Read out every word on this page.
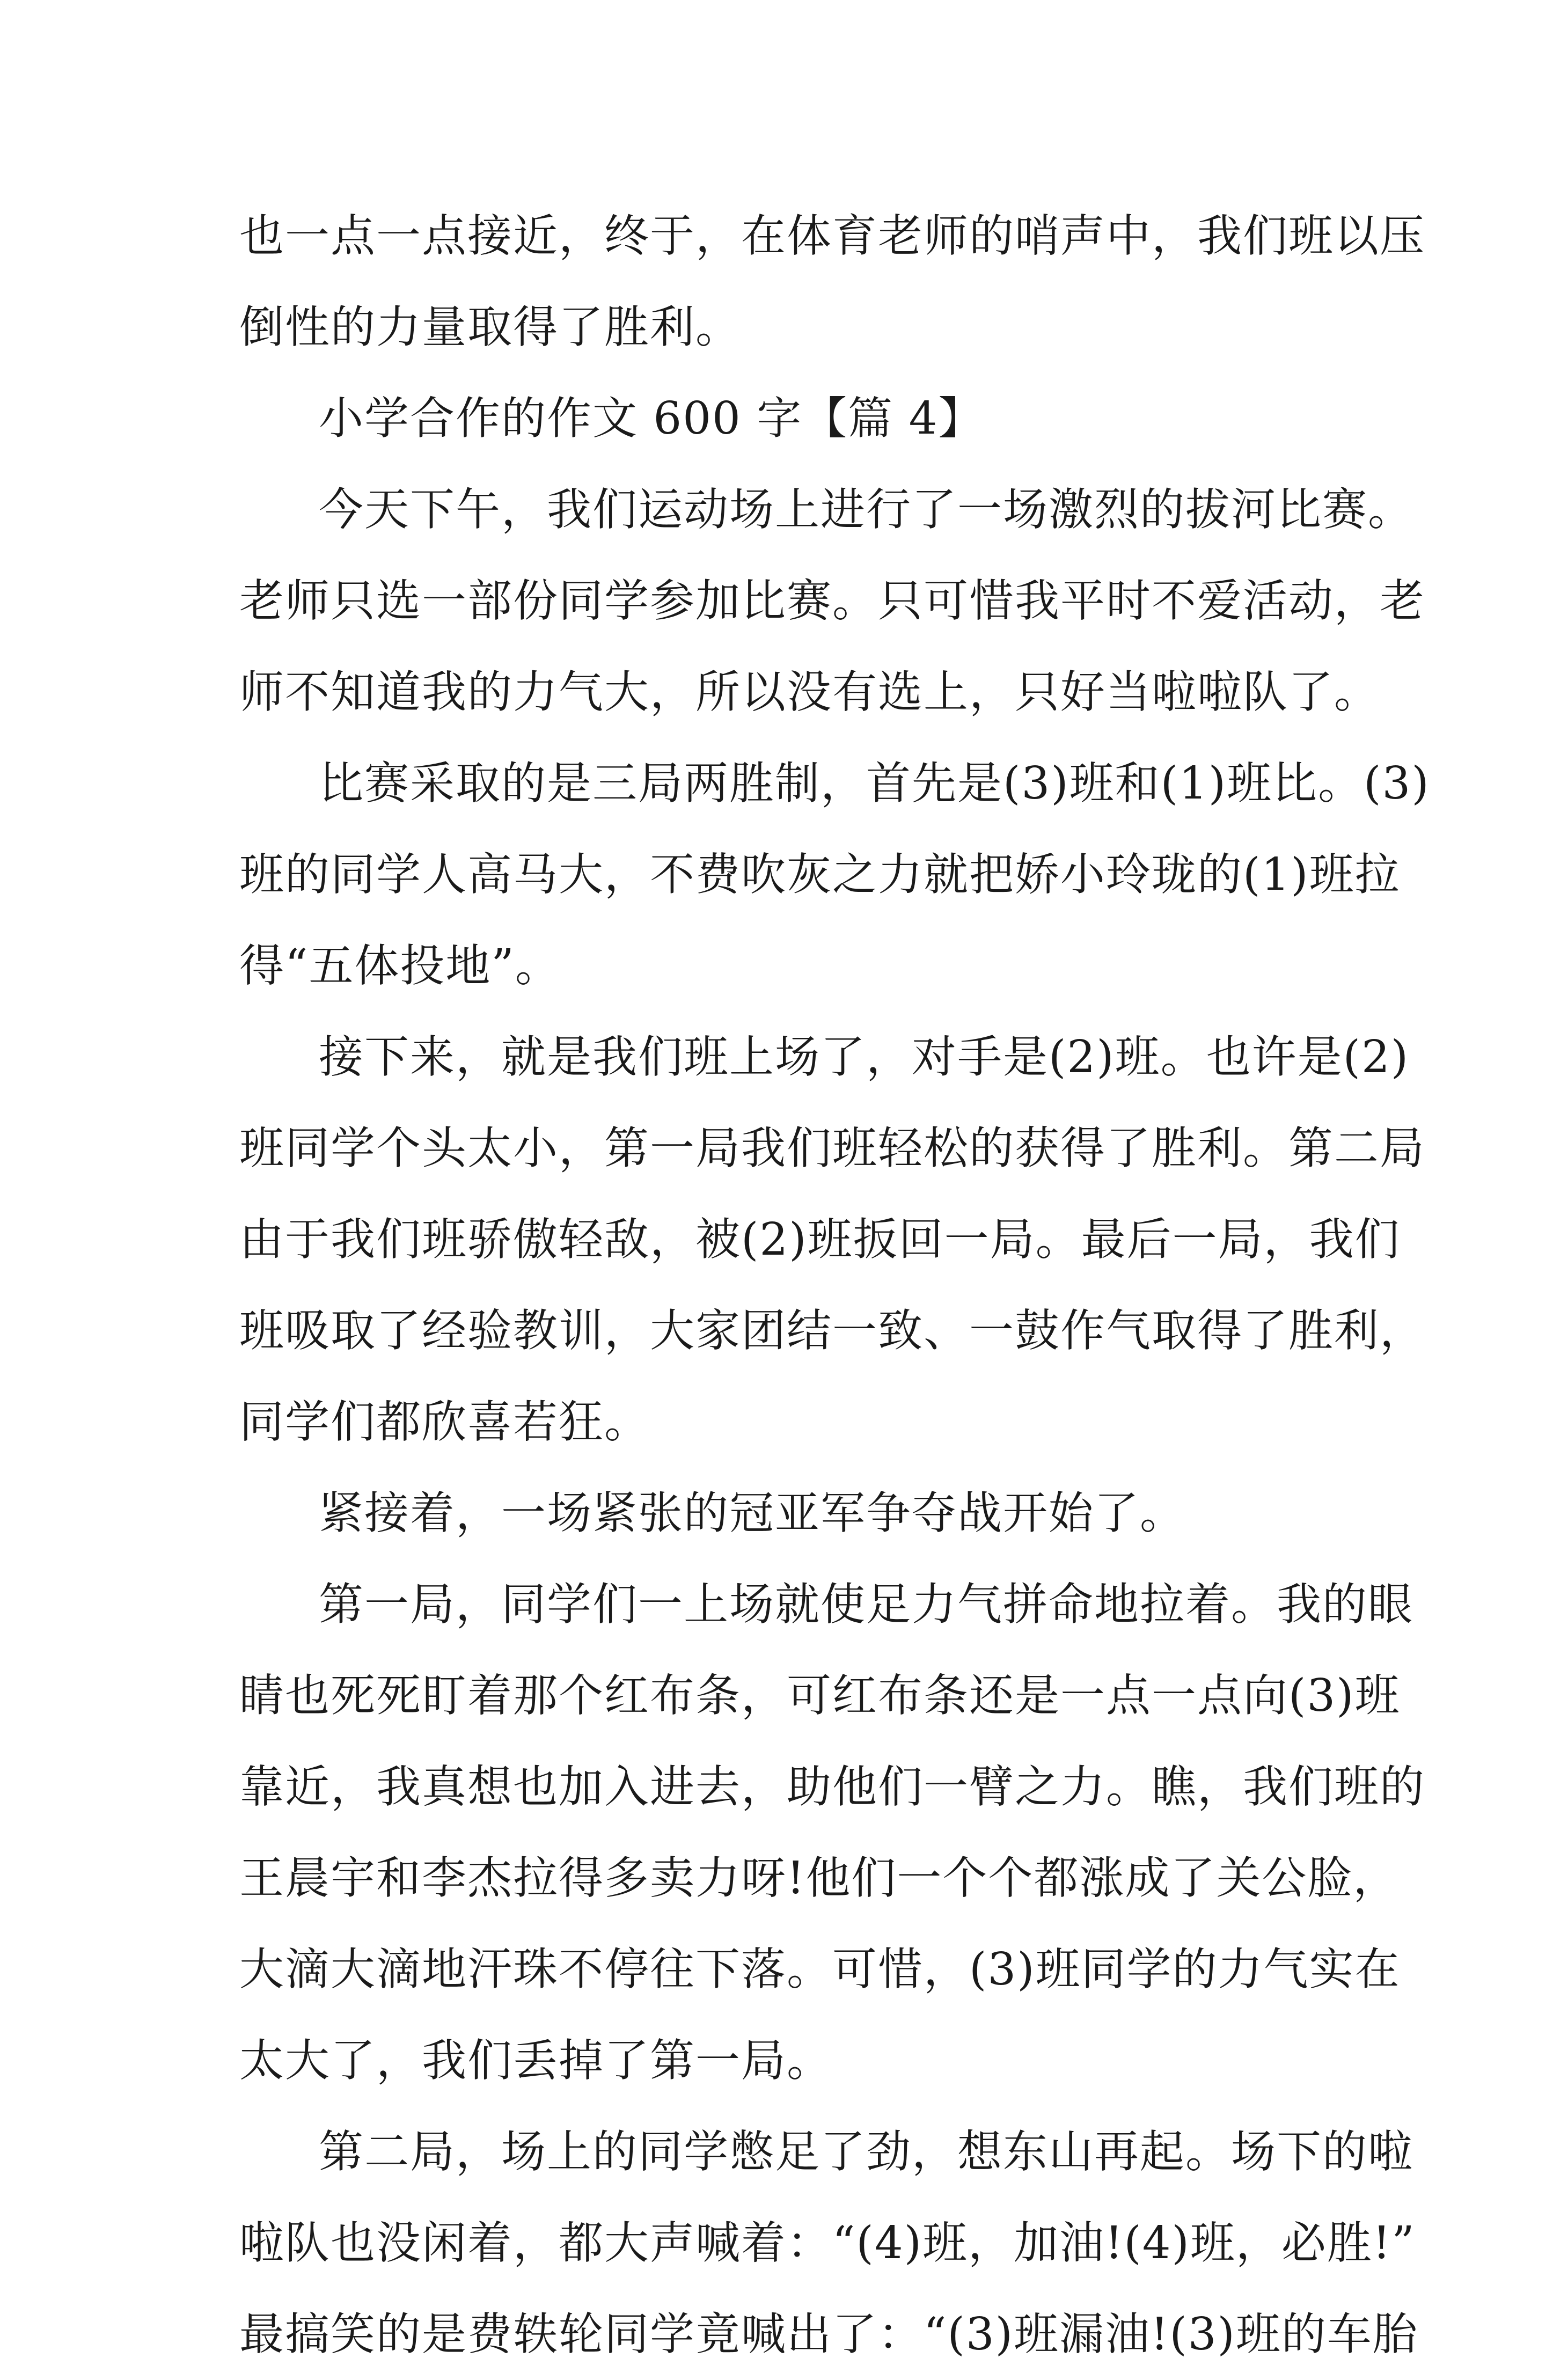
也一点一点接近，终于，在体育老师的哨声中，我们班以压
倒性的力量取得了胜利。
小学合作的作文 600 字【篇 4】
今天下午，我们运动场上进行了一场激烈的拔河比赛。
老师只选一部份同学参加比赛。只可惜我平时不爱活动，老
师不知道我的力气大，所以没有选上，只好当啦啦队了。
比赛采取的是三局两胜制，首先是(3)班和(1)班比。(3)
班的同学人高马大，不费吹灰之力就把娇小玲珑的(1)班拉
得“五体投地”。
接下来，就是我们班上场了，对手是(2)班。也许是(2)
班同学个头太小，第一局我们班轻松的获得了胜利。第二局
由于我们班骄傲轻敌，被(2)班扳回一局。最后一局，我们
班吸取了经验教训，大家团结一致、一鼓作气取得了胜利，
同学们都欣喜若狂。
紧接着，一场紧张的冠亚军争夺战开始了。
第一局，同学们一上场就使足力气拼命地拉着。我的眼
睛也死死盯着那个红布条，可红布条还是一点一点向(3)班
靠近，我真想也加入进去，助他们一臂之力。瞧，我们班的
王晨宇和李杰拉得多卖力呀!他们一个个都涨成了关公脸，
大滴大滴地汗珠不停往下落。可惜，(3)班同学的力气实在
太大了，我们丢掉了第一局。
第二局，场上的同学憋足了劲，想东山再起。场下的啦
啦队也没闲着，都大声喊着：“(4)班，加油!(4)班，必胜!”
最搞笑的是费轶轮同学竟喊出了：“(3)班漏油!(3)班的车胎
